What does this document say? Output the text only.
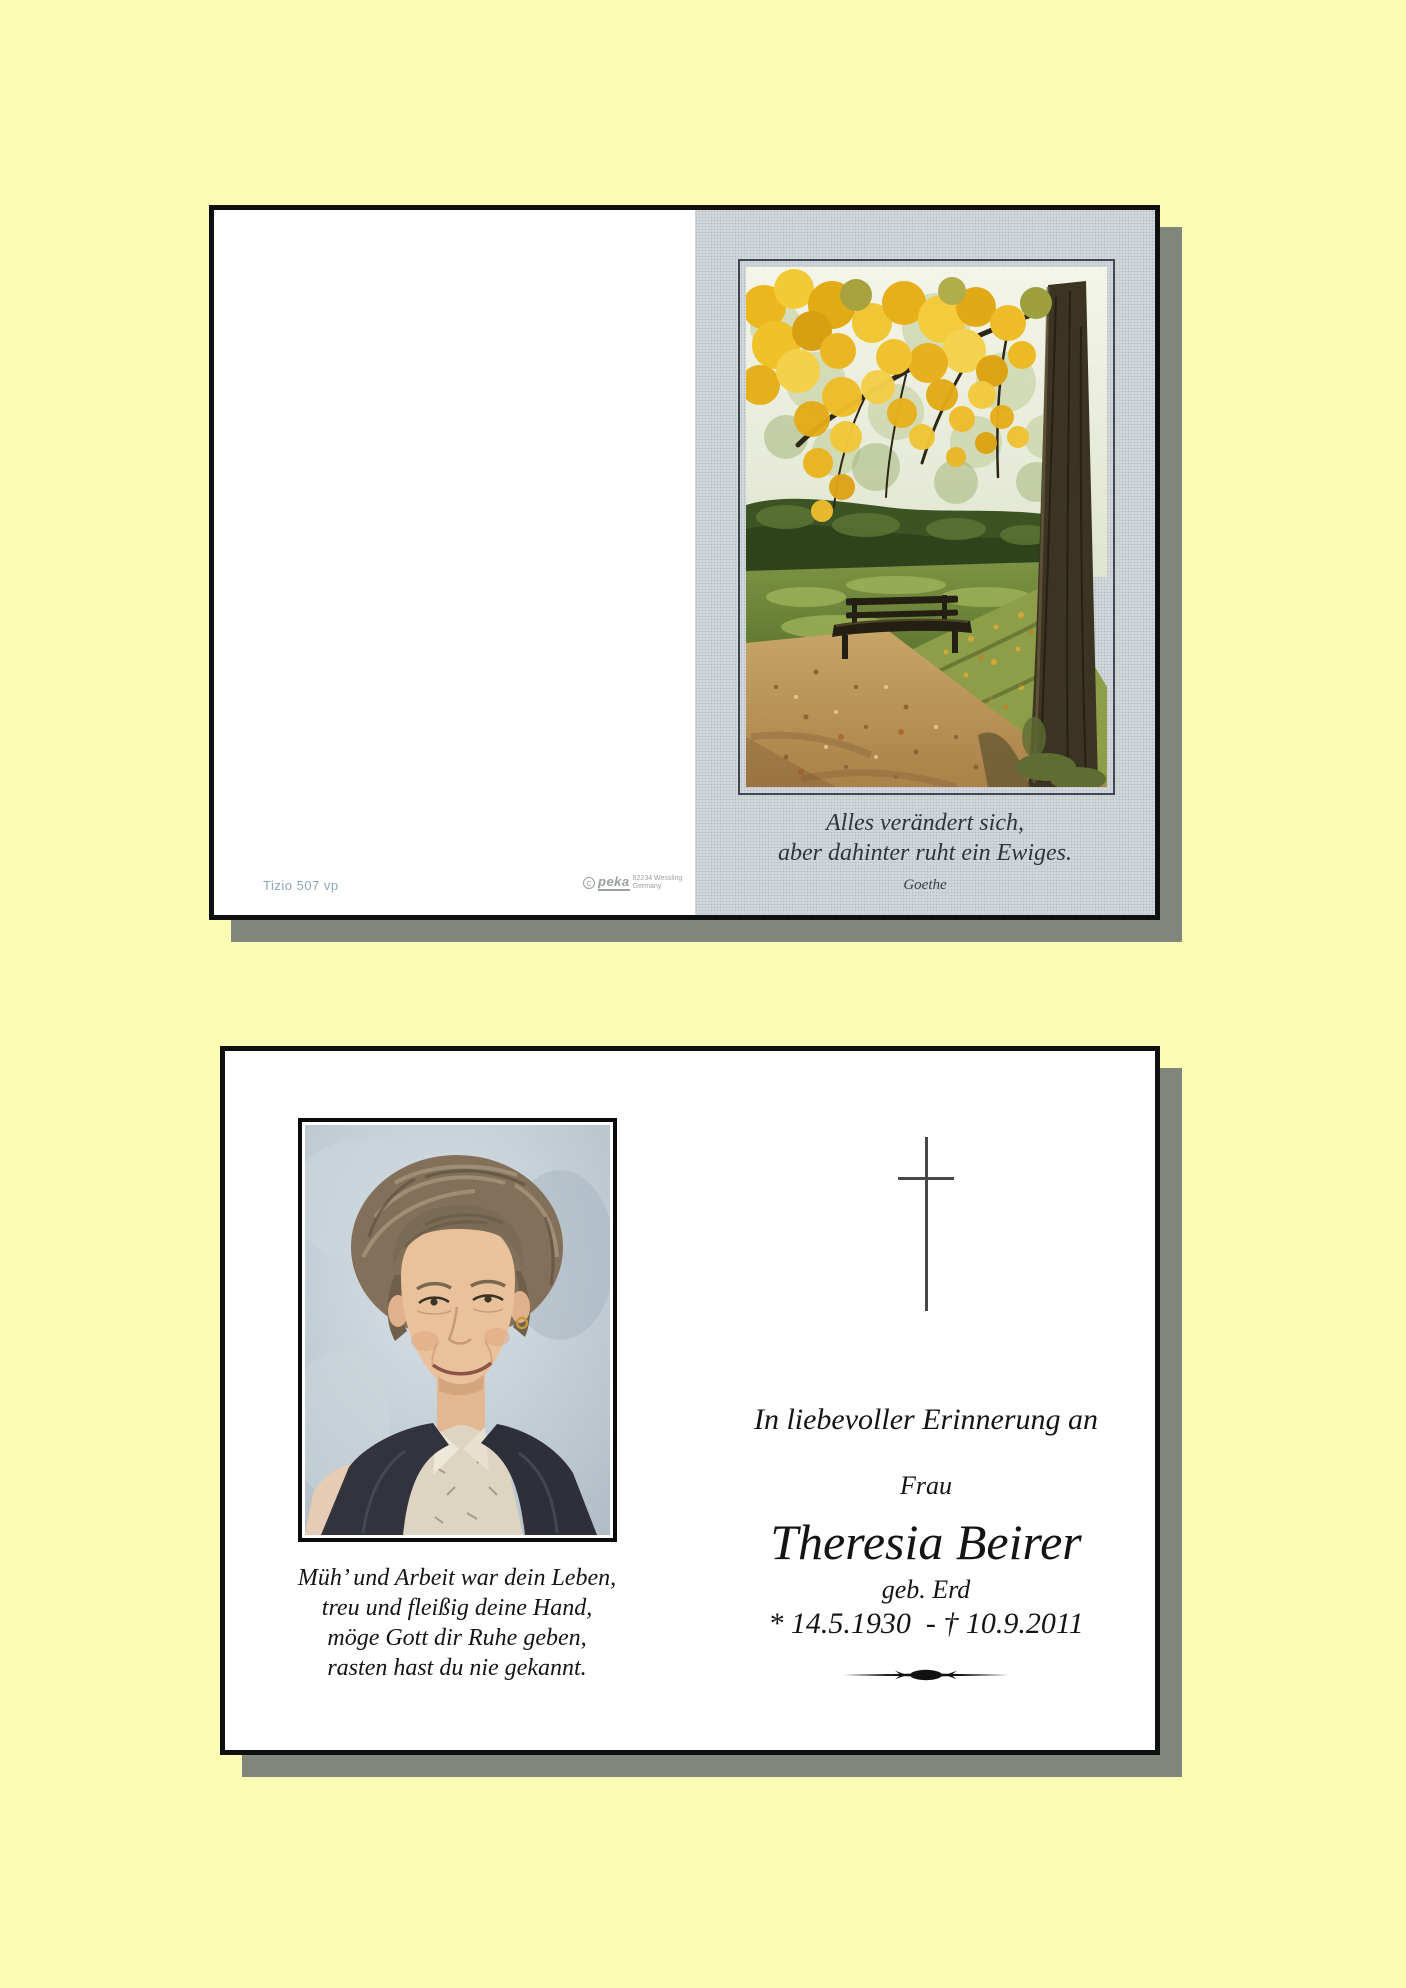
Tizio 507 vp	c peka 82234 Wessling
Germany
Alles verändert sich,
aber dahinter ruht ein Ewiges.
Goethe
Müh’ und Arbeit war dein Leben,
treu und fleißig deine Hand,
möge Gott dir Ruhe geben,
rasten hast du nie gekannt.
In liebevoller Erinnerung an
Frau
Theresia Beirer
geb. Erd
* 14.5.1930  - † 10.9.2011
